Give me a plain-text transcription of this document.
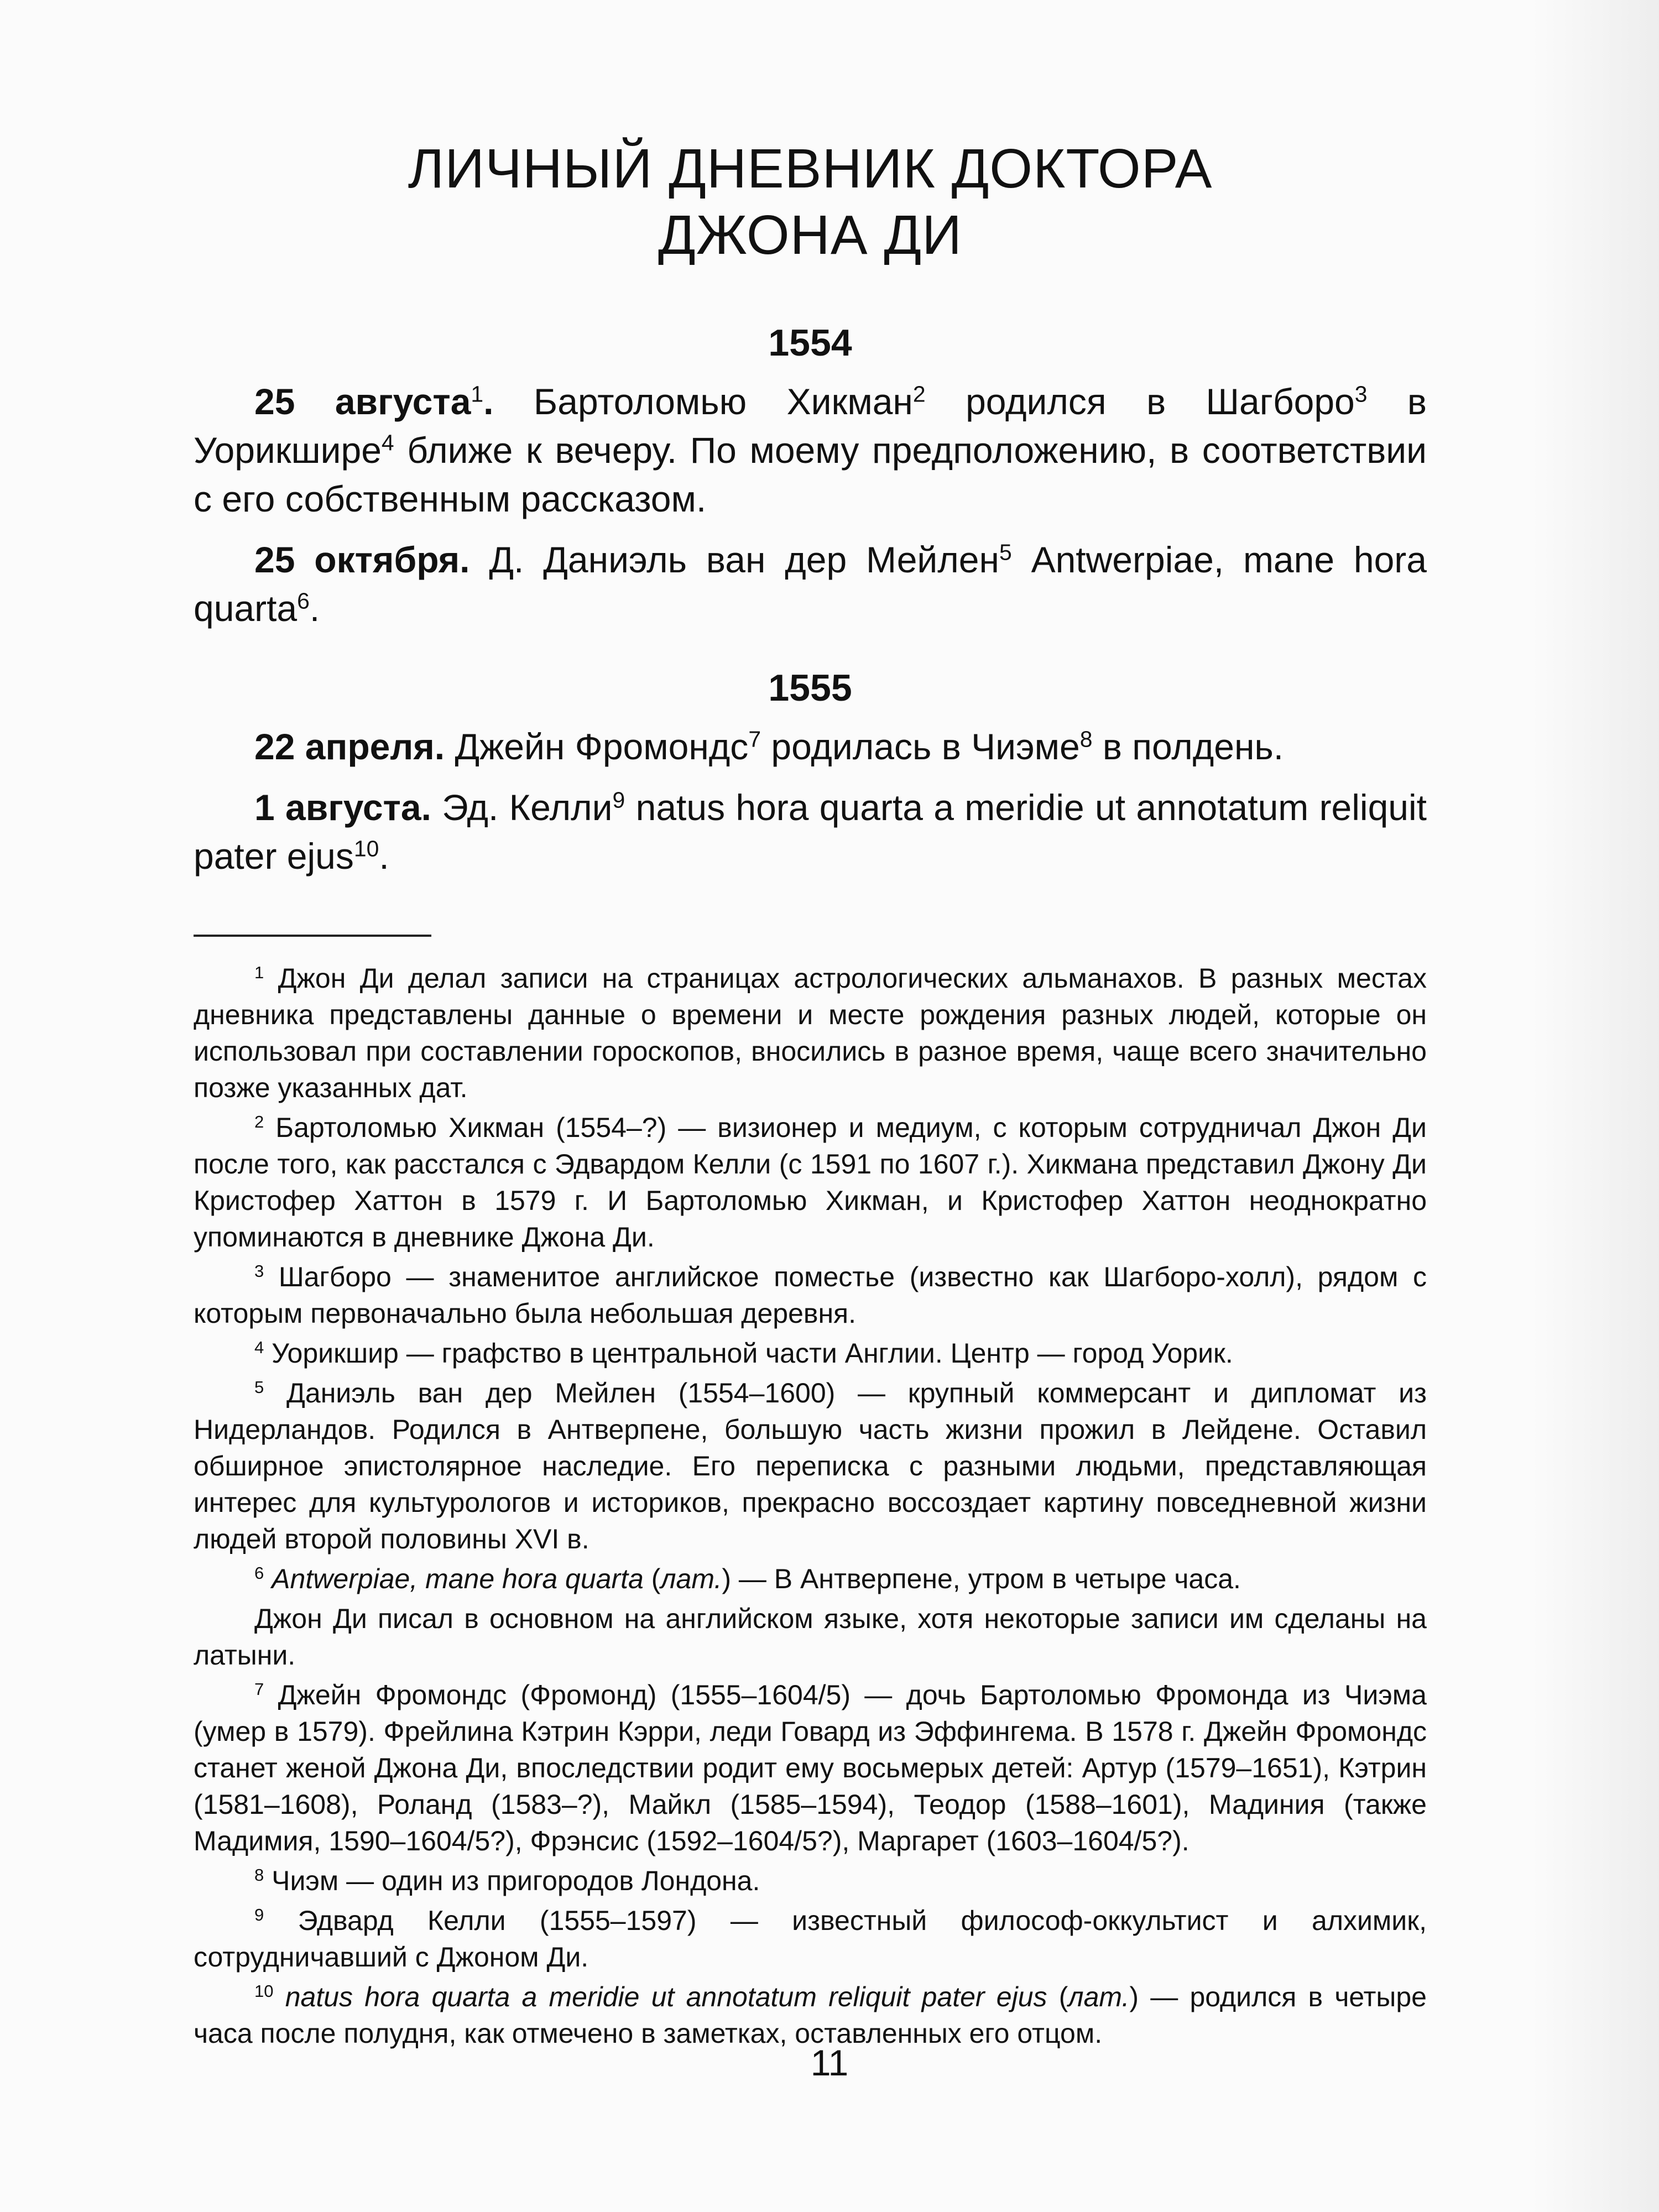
ЛИЧНЫЙ ДНЕВНИК ДОКТОРА
ДЖОНА ДИ

1554

25 августа$^1$. Бартоломью Хикман$^2$ родился в Шагборо$^3$ в Уорикшире$^4$ ближе к вечеру. По моему предположению, в соответствии с его собственным рассказом.

25 октября. Д. Даниэль ван дер Мейлен$^5$ Antwerpiae, mane hora quarta$^6$.

1555

22 апреля. Джейн Фромондс$^7$ родилась в Чиэме$^8$ в полдень.

1 августа. Эд. Келли$^9$ natus hora quarta a meridie ut annotatum reliquit pater ejus$^{10}$.

$^1$ Джон Ди делал записи на страницах астрологических альманахов. В разных местах дневника представлены данные о времени и месте рождения разных людей, которые он использовал при составлении гороскопов, вносились в разное время, чаще всего значительно позже указанных дат.

$^2$ Бартоломью Хикман (1554–?) — визионер и медиум, с которым сотрудничал Джон Ди после того, как расстался с Эдвардом Келли (с 1591 по 1607 г.). Хикмана представил Джону Ди Кристофер Хаттон в 1579 г. И Бартоломью Хикман, и Кристофер Хаттон неоднократно упоминаются в дневнике Джона Ди.

$^3$ Шагборо — знаменитое английское поместье (известно как Шагборо-холл), рядом с которым первоначально была небольшая деревня.

$^4$ Уорикшир — графство в центральной части Англии. Центр — город Уорик.

$^5$ Даниэль ван дер Мейлен (1554–1600) — крупный коммерсант и дипломат из Нидерландов. Родился в Антверпене, большую часть жизни прожил в Лейдене. Оставил обширное эпистолярное наследие. Его переписка с разными людьми, представляющая интерес для культурологов и историков, прекрасно воссоздает картину повседневной жизни людей второй половины XVI в.

$^6$ Antwerpiae, mane hora quarta (лат.) — В Антверпене, утром в четыре часа.

Джон Ди писал в основном на английском языке, хотя некоторые записи им сделаны на латыни.

$^7$ Джейн Фромондс (Фромонд) (1555–1604/5) — дочь Бартоломью Фромонда из Чиэма (умер в 1579). Фрейлина Кэтрин Кэрри, леди Говард из Эффингема. В 1578 г. Джейн Фромондс станет женой Джона Ди, впоследствии родит ему восьмерых детей: Артур (1579–1651), Кэтрин (1581–1608), Роланд (1583–?), Майкл (1585–1594), Теодор (1588–1601), Мадиния (также Мадимия, 1590–1604/5?), Фрэнсис (1592–1604/5?), Маргарет (1603–1604/5?).

$^8$ Чиэм — один из пригородов Лондона.

$^9$ Эдвард Келли (1555–1597) — известный философ-оккультист и алхимик, сотрудничавший с Джоном Ди.

$^{10}$ natus hora quarta a meridie ut annotatum reliquit pater ejus (лат.) — родился в четыре часа после полудня, как отмечено в заметках, оставленных его отцом.

11
